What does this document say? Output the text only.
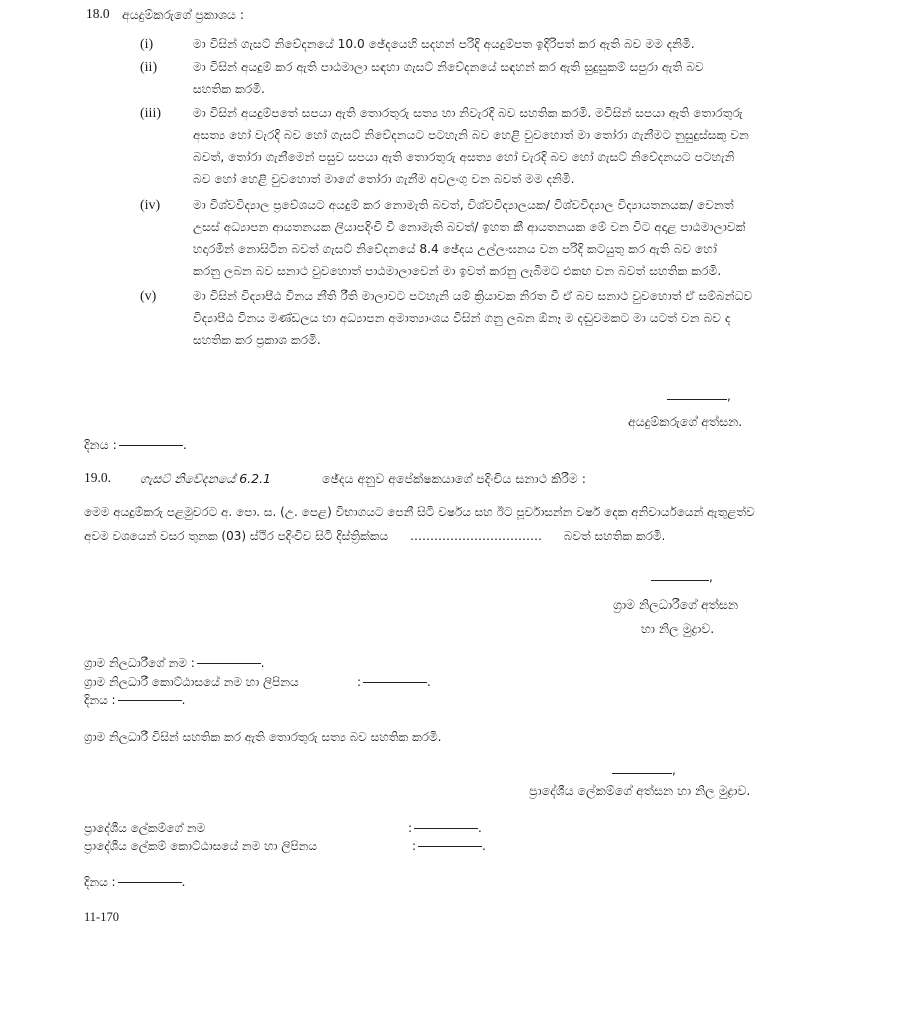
18.0 අයදුම්කරුගේ ප්‍රකාශය :
(i)	මා විසින් ගැසට් නිවේදනයේ 10.0 ඡේදයෙහි සදහන් පරිදි අයදුම්පත ඉදිරිපත් කර ඇති බව මම දනිමි.
(ii)	මා විසින් අයදුම් කර ඇති පාඨමාලා සඳහා ගැසට් නිවේදනයේ සඳහන් කර ඇති සුදුසුකම් සපුරා ඇති බව
සහතික කරමි.
(iii)	මා විසින් අයදුම්පතේ සපයා ඇති තොරතුරු සත්‍ය හා නිවැරදි බව සහතික කරමි. මවිසින් සපයා ඇති තොරතුරු
අසත්‍ය හෝ වැරදි බව හෝ ගැසට් නිවේදනයට පටහැනි බව හෙළි වුවහොත් මා තෝරා ගැනීමට නුසුදුස්සකු වන
බවත්, තෝරා ගැනීමෙන් පසුව සපයා ඇති තොරතුරු අසත්‍ය හෝ වැරදි බව හෝ ගැසට් නිවේදනයට පටහැනි
බව හෝ හෙළි වුවහොත් මාගේ තෝරා ගැනීම අවලංගු වන බවත් මම දනිමි.
(iv)	මා විශ්වවිද්‍යාල ප්‍රවේශයට අයදුම් කර නොමැති බවත්, විශ්වවිද්‍යාලයක/ විශ්වවිද්‍යාල විද්‍යායතනයක/ වෙනත්
උසස් අධ්‍යාපන ආයතනයක ලියාපදිංචි වී නොමැති බවත්/ ඉහත කී ආයතනයක මේ වන විට අදාළ පාඨමාලාවක්
හදාරමින් නොසිටින බවත් ගැසට් නිවේදනයේ 8.4 ඡේදය උල්ලංඝනය වන පරිදි කටයුතු කර ඇති බව හෝ
කරනු ලබන බව සනාථ වුවහොත් පාඨමාලාවෙන් මා ඉවත් කරනු ලැබීමට එකඟ වන බවත් සහතික කරමි.
(v)	මා විසින් විද්‍යාපීඨ විනය නීති රීති මාලාවට පටහැනි යම් ක්‍රියාවක නිරත වී ඒ බව සනාථ වුවහොත් ඒ සම්බන්ධව
විද්‍යාපීඨ විනය මණ්ඩලය හා අධ්‍යාපන අමාත්‍යාංශය විසින් ගනු ලබන ඕනෑ ම දඬුවමකට මා යටත් වන බව ද
සහතික කර ප්‍රකාශ කරමි.
,
අයදුම්කරුගේ අත්සන.
දිනය :	.
19.0. ගැසට් නිවේදනයේ 6.2.1	ඡේදය අනුව අපේක්ෂකයාගේ පදිංචිය සනාථ කිරීම :
මෙම අයදුම්කරු පළමුවරට අ. පො. ස. (උ. පෙළ) විභාගයට පෙනී සිටි වර්ෂය සහ ඊට පූර්වාසන්න වර්ෂ දෙක අනිවාර්යයෙන් ඇතුළත්ව
අවම වශයෙන් වසර තුනක (03) ස්ථිර පදිංචිව සිටි දිස්ත්‍රික්කය …………………………… බවත් සහතික කරමි.
,
ග්‍රාම නිලධාරීගේ අත්සන
හා නිල මුද්‍රාව.
ග්‍රාම නිලධාරීගේ නම :	.
ග්‍රාම නිලධාරී කොට්ඨාසයේ නම හා ලිපිනය	:	.
දිනය :	.
ග්‍රාම නිලධාරී විසින් සහතික කර ඇති තොරතුරු සත්‍ය බව සහතික කරමි.
,
ප්‍රාදේශීය ලේකම්ගේ අත්සන හා නිල මුද්‍රාව.
ප්‍රාදේශීය ලේකම්ගේ නම	:	.
ප්‍රාදේශීය ලේකම් කොට්ඨාසයේ නම හා ලිපිනය	:	.
දිනය :	.
11-170
